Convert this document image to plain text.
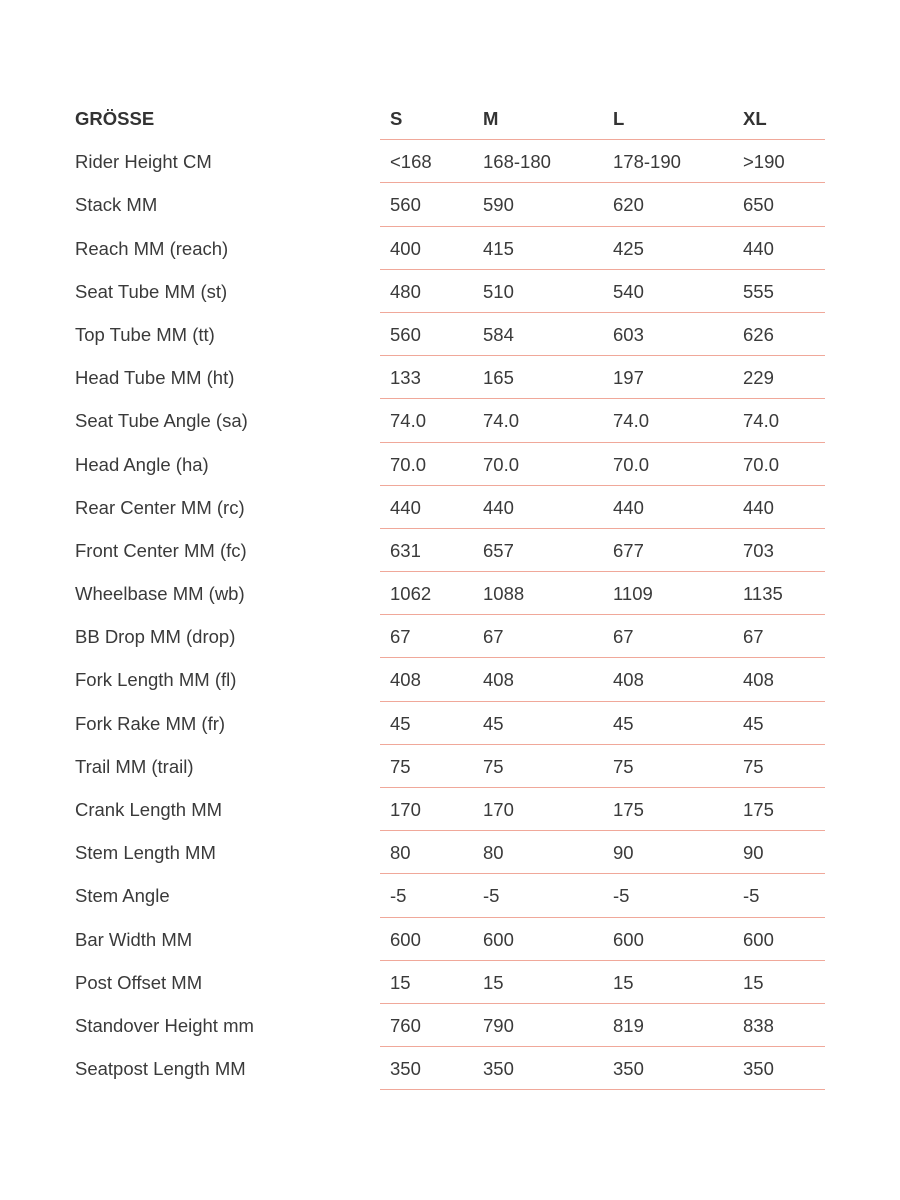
GRÖSSE	S	M	L	XL
Rider Height CM	<168	168-180	178-190	>190
Stack MM	560	590	620	650
Reach MM (reach)	400	415	425	440
Seat Tube MM (st)	480	510	540	555
Top Tube MM (tt)	560	584	603	626
Head Tube MM (ht)	133	165	197	229
Seat Tube Angle (sa)	74.0	74.0	74.0	74.0
Head Angle (ha)	70.0	70.0	70.0	70.0
Rear Center MM (rc)	440	440	440	440
Front Center MM (fc)	631	657	677	703
Wheelbase MM (wb)	1062	1088	1109	1135
BB Drop MM (drop)	67	67	67	67
Fork Length MM (fl)	408	408	408	408
Fork Rake MM (fr)	45	45	45	45
Trail MM (trail)	75	75	75	75
Crank Length MM	170	170	175	175
Stem Length MM	80	80	90	90
Stem Angle	-5	-5	-5	-5
Bar Width MM	600	600	600	600
Post Offset MM	15	15	15	15
Standover Height mm	760	790	819	838
Seatpost Length MM	350	350	350	350
